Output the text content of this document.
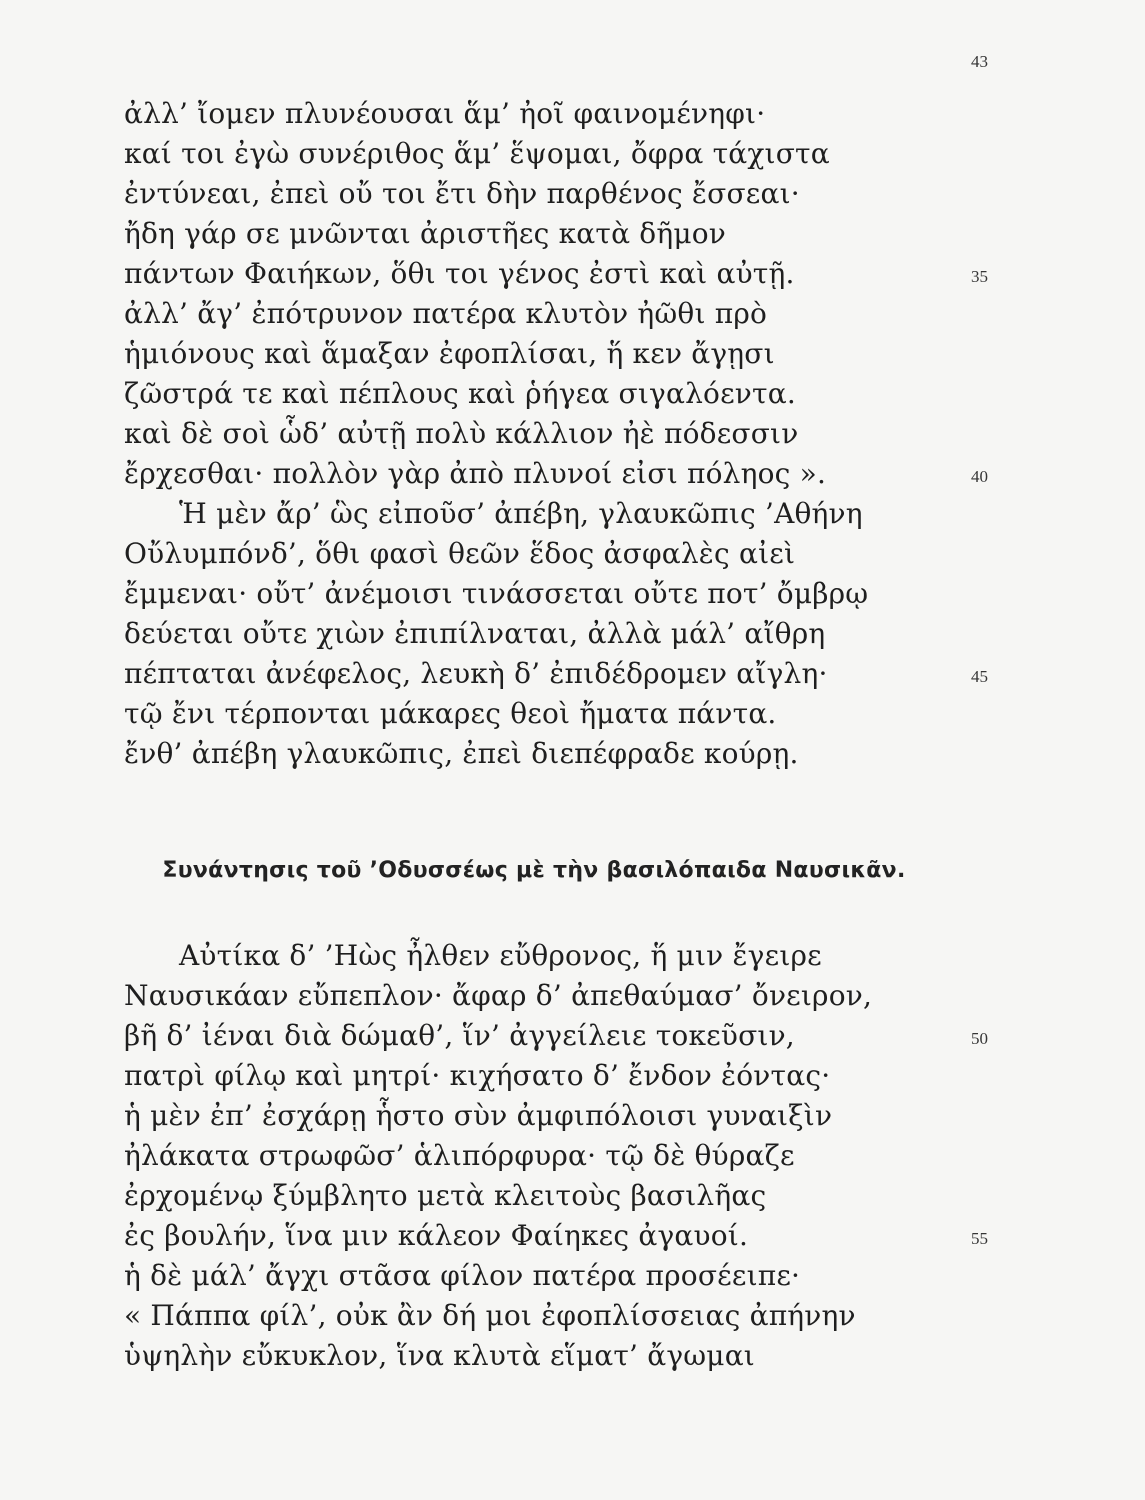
43
ἀλλ’ ἴομεν πλυνέουσαι ἅμ’ ἠοῖ φαινομένηφι·
καί τοι ἐγὼ συνέριθος ἅμ’ ἕψομαι, ὄφρα τάχιστα
ἐντύνεαι, ἐπεὶ οὔ τοι ἔτι δὴν παρθένος ἔσσεαι·
ἤδη γάρ σε μνῶνται ἀριστῆες κατὰ δῆμον
πάντων Φαιήκων, ὅθι τοι γένος ἐστὶ καὶ αὐτῇ.	35
ἀλλ’ ἄγ’ ἐπότρυνον πατέρα κλυτὸν ἠῶθι πρὸ
ἡμιόνους καὶ ἅμαξαν ἐφοπλίσαι, ἥ κεν ἄγῃσι
ζῶστρά τε καὶ πέπλους καὶ ῥήγεα σιγαλόεντα.
καὶ δὲ σοὶ ὧδ’ αὐτῇ πολὺ κάλλιον ἠὲ πόδεσσιν
ἔρχεσθαι· πολλὸν γὰρ ἀπὸ πλυνοί εἰσι πόληος ».	40
Ἡ μὲν ἄρ’ ὣς εἰποῦσ’ ἀπέβη, γλαυκῶπις ’Αθήνη
Οὔλυμπόνδ’, ὅθι φασὶ θεῶν ἕδος ἀσφαλὲς αἰεὶ
ἔμμεναι· οὔτ’ ἀνέμοισι τινάσσεται οὔτε ποτ’ ὄμβρῳ
δεύεται οὔτε χιὼν ἐπιπίλναται, ἀλλὰ μάλ’ αἴθρη
πέπταται ἀνέφελος, λευκὴ δ’ ἐπιδέδρομεν αἴγλη·	45
τῷ ἔνι τέρπονται μάκαρες θεοὶ ἤματα πάντα.
ἔνθ’ ἀπέβη γλαυκῶπις, ἐπεὶ διεπέφραδε κούρῃ.
Συνάντησις τοῦ ’Οδυσσέως μὲ τὴν βασιλόπαιδα Ναυσικᾶν.
Αὐτίκα δ’ ’Ηὼς ἦλθεν εὔθρονος, ἥ μιν ἔγειρε
Ναυσικάαν εὔπεπλον· ἄφαρ δ’ ἀπεθαύμασ’ ὄνειρον,
βῆ δ’ ἰέναι διὰ δώμαθ’, ἵν’ ἀγγείλειε τοκεῦσιν,	50
πατρὶ φίλῳ καὶ μητρί· κιχήσατο δ’ ἔνδον ἐόντας·
ἡ μὲν ἐπ’ ἐσχάρῃ ἧστο σὺν ἀμφιπόλοισι γυναιξὶν
ἠλάκατα στρωφῶσ’ ἁλιπόρφυρα· τῷ δὲ θύραζε
ἐρχομένῳ ξύμβλητο μετὰ κλειτοὺς βασιλῆας
ἐς βουλήν, ἵνα μιν κάλεον Φαίηκες ἀγαυοί.	55
ἡ δὲ μάλ’ ἄγχι στᾶσα φίλον πατέρα προσέειπε·
« Πάππα φίλ’, οὐκ ἂν δή μοι ἐφοπλίσσειας ἀπήνην
ὑψηλὴν εὔκυκλον, ἵνα κλυτὰ εἵματ’ ἄγωμαι
